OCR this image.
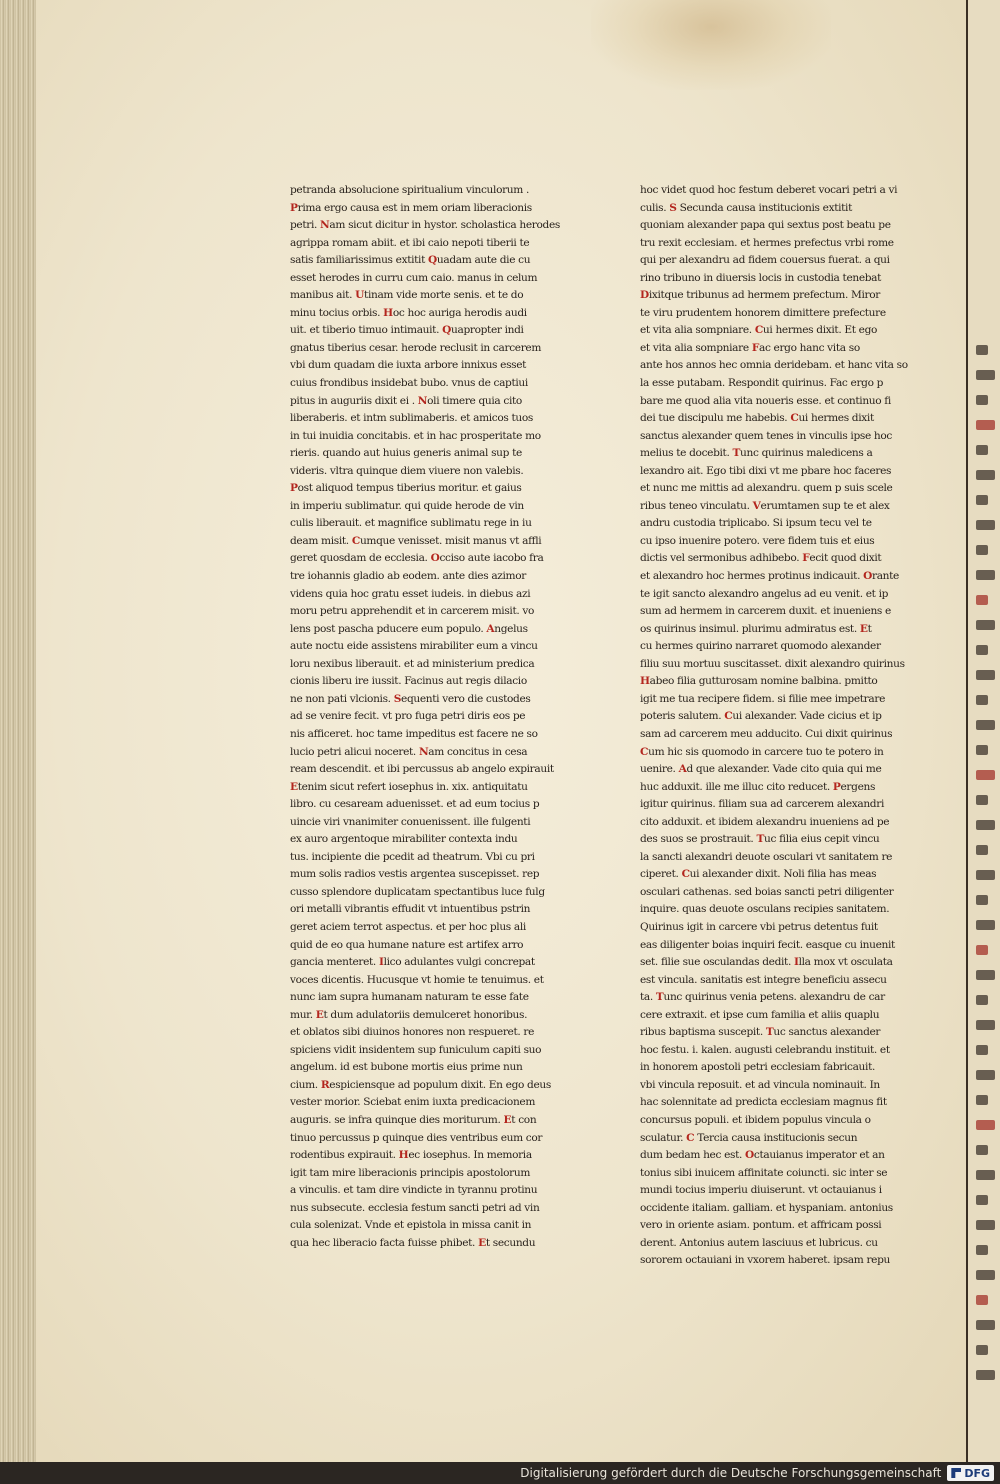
petranda absolucione spiritualium vinculorum .
Prima ergo causa est in mem oriam liberacionis
petri. Nam sicut dicitur in hystor. scholastica herodes
agrippa romam abiit. et ibi caio nepoti tiberii te
satis familiarissimus extitit Quadam aute die cu
esset herodes in curru cum caio. manus in celum
manibus ait. Utinam vide morte senis. et te do
minu tocius orbis. Hoc hoc auriga herodis audi
uit. et tiberio timuo intimauit. Quapropter indi
gnatus tiberius cesar. herode reclusit in carcerem
vbi dum quadam die iuxta arbore innixus esset
cuius frondibus insidebat bubo. vnus de captiui
pitus in auguriis dixit ei . Noli timere quia cito
liberaberis. et intm sublimaberis. et amicos tuos
in tui inuidia concitabis. et in hac prosperitate mo
rieris. quando aut huius generis animal sup te
videris. vltra quinque diem viuere non valebis.
Post aliquod tempus tiberius moritur. et gaius
in imperiu sublimatur. qui quide herode de vin
culis liberauit. et magnifice sublimatu rege in iu
deam misit. Cumque venisset. misit manus vt affli
geret quosdam de ecclesia. Occiso aute iacobo fra
tre iohannis gladio ab eodem. ante dies azimor
videns quia hoc gratu esset iudeis. in diebus azi
moru petru apprehendit et in carcerem misit. vo
lens post pascha pducere eum populo. Angelus
aute noctu eide assistens mirabiliter eum a vincu
loru nexibus liberauit. et ad ministerium predica
cionis liberu ire iussit. Facinus aut regis dilacio
ne non pati vlcionis. Sequenti vero die custodes
ad se venire fecit. vt pro fuga petri diris eos pe
nis afficeret. hoc tame impeditus est facere ne so
lucio petri alicui noceret. Nam concitus in cesa
ream descendit. et ibi percussus ab angelo expirauit
Etenim sicut refert iosephus in. xix. antiquitatu
libro. cu cesaream aduenisset. et ad eum tocius p
uincie viri vnanimiter conuenissent. ille fulgenti
ex auro argentoque mirabiliter contexta indu
tus. incipiente die pcedit ad theatrum. Vbi cu pri
mum solis radios vestis argentea suscepisset. rep
cusso splendore duplicatam spectantibus luce fulg
ori metalli vibrantis effudit vt intuentibus pstrin
geret aciem terrot aspectus. et per hoc plus ali
quid de eo qua humane nature est artifex arro
gancia menteret. Ilico adulantes vulgi concrepat
voces dicentis. Hucusque vt homie te tenuimus. et
nunc iam supra humanam naturam te esse fate
mur. Et dum adulatoriis demulceret honoribus.
et oblatos sibi diuinos honores non respueret. re
spiciens vidit insidentem sup funiculum capiti suo
angelum. id est bubone mortis eius prime nun
cium. Respiciensque ad populum dixit. En ego deus
vester morior. Sciebat enim iuxta predicacionem
auguris. se infra quinque dies moriturum. Et con
tinuo percussus p quinque dies ventribus eum cor
rodentibus expirauit. Hec iosephus. In memoria
igit tam mire liberacionis principis apostolorum
a vinculis. et tam dire vindicte in tyrannu protinu
nus subsecute. ecclesia festum sancti petri ad vin
cula solenizat. Vnde et epistola in missa canit in
qua hec liberacio facta fuisse phibet. Et secundu
hoc videt quod hoc festum deberet vocari petri a vi
culis. S Secunda causa institucionis extitit
quoniam alexander papa qui sextus post beatu pe
tru rexit ecclesiam. et hermes prefectus vrbi rome
qui per alexandru ad fidem couersus fuerat. a qui
rino tribuno in diuersis locis in custodia tenebat
Dixitque tribunus ad hermem prefectum. Miror
te viru prudentem honorem dimittere prefecture
et vita alia sompniare. Cui hermes dixit. Et ego
et vita alia sompniare Fac ergo hanc vita so
ante hos annos hec omnia deridebam. et hanc vita so
la esse putabam. Respondit quirinus. Fac ergo p
bare me quod alia vita noueris esse. et continuo fi
dei tue discipulu me habebis. Cui hermes dixit
sanctus alexander quem tenes in vinculis ipse hoc
melius te docebit. Tunc quirinus maledicens a
lexandro ait. Ego tibi dixi vt me pbare hoc faceres
et nunc me mittis ad alexandru. quem p suis scele
ribus teneo vinculatu. Verumtamen sup te et alex
andru custodia triplicabo. Si ipsum tecu vel te
cu ipso inuenire potero. vere fidem tuis et eius
dictis vel sermonibus adhibebo. Fecit quod dixit
et alexandro hoc hermes protinus indicauit. Orante
te igit sancto alexandro angelus ad eu venit. et ip
sum ad hermem in carcerem duxit. et inueniens e
os quirinus insimul. plurimu admiratus est. Et
cu hermes quirino narraret quomodo alexander
filiu suu mortuu suscitasset. dixit alexandro quirinus
Habeo filia gutturosam nomine balbina. pmitto
igit me tua recipere fidem. si filie mee impetrare
poteris salutem. Cui alexander. Vade cicius et ip
sam ad carcerem meu adducito. Cui dixit quirinus
Cum hic sis quomodo in carcere tuo te potero in
uenire. Ad que alexander. Vade cito quia qui me
huc adduxit. ille me illuc cito reducet. Pergens
igitur quirinus. filiam sua ad carcerem alexandri
cito adduxit. et ibidem alexandru inueniens ad pe
des suos se prostrauit. Tuc filia eius cepit vincu
la sancti alexandri deuote osculari vt sanitatem re
ciperet. Cui alexander dixit. Noli filia has meas
osculari cathenas. sed boias sancti petri diligenter
inquire. quas deuote osculans recipies sanitatem.
Quirinus igit in carcere vbi petrus detentus fuit
eas diligenter boias inquiri fecit. easque cu inuenit
set. filie sue osculandas dedit. Illa mox vt osculata
est vincula. sanitatis est integre beneficiu assecu
ta. Tunc quirinus venia petens. alexandru de car
cere extraxit. et ipse cum familia et aliis quaplu
ribus baptisma suscepit. Tuc sanctus alexander
hoc festu. i. kalen. augusti celebrandu instituit. et
in honorem apostoli petri ecclesiam fabricauit.
vbi vincula reposuit. et ad vincula nominauit. In
hac solennitate ad predicta ecclesiam magnus fit
concursus populi. et ibidem populus vincula o
sculatur. C Tercia causa institucionis secun
dum bedam hec est. Octauianus imperator et an
tonius sibi inuicem affinitate coiuncti. sic inter se
mundi tocius imperiu diuiserunt. vt octauianus i
occidente italiam. galliam. et hyspaniam. antonius
vero in oriente asiam. pontum. et affricam possi
derent. Antonius autem lasciuus et lubricus. cu
sororem octauiani in vxorem haberet. ipsam repu
Digitalisierung gefördert durch die Deutsche Forschungsgemeinschaft DFG
